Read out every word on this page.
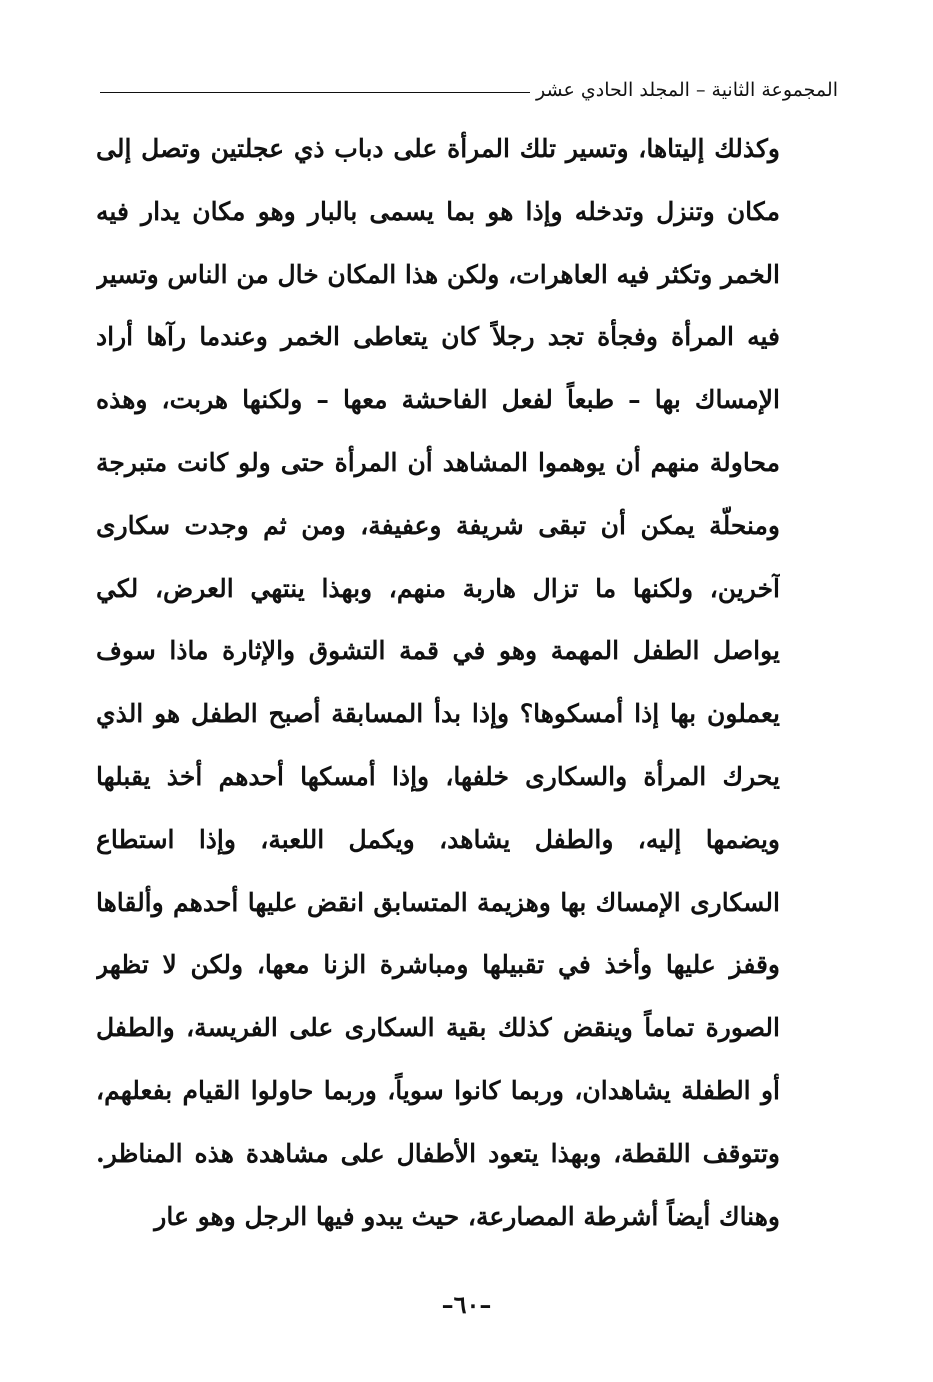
المجموعة الثانية – المجلد الحادي عشر
وكذلك إليتاها، وتسير تلك المرأة على دباب ذي عجلتين وتصل إلى
مكان وتنزل وتدخله وإذا هو بما يسمى بالبار وهو مكان يدار فيه
الخمر وتكثر فيه العاهرات، ولكن هذا المكان خال من الناس وتسير
فيه المرأة وفجأة تجد رجلاً كان يتعاطى الخمر وعندما رآها أراد
الإمساك بها – طبعاً لفعل الفاحشة معها – ولكنها هربت، وهذه
محاولة منهم أن يوهموا المشاهد أن المرأة حتى ولو كانت متبرجة
ومنحلّة يمكن أن تبقى شريفة وعفيفة، ومن ثم وجدت سكارى
آخرين، ولكنها ما تزال هاربة منهم، وبهذا ينتهي العرض، لكي
يواصل الطفل المهمة وهو في قمة التشوق والإثارة ماذا سوف
يعملون بها إذا أمسكوها؟ وإذا بدأ المسابقة أصبح الطفل هو الذي
يحرك المرأة والسكارى خلفها، وإذا أمسكها أحدهم أخذ يقبلها
ويضمها إليه، والطفل يشاهد، ويكمل اللعبة، وإذا استطاع
السكارى الإمساك بها وهزيمة المتسابق انقض عليها أحدهم وألقاها
وقفز عليها وأخذ في تقبيلها ومباشرة الزنا معها، ولكن لا تظهر
الصورة تماماً وينقض كذلك بقية السكارى على الفريسة، والطفل
أو الطفلة يشاهدان، وربما كانوا سوياً، وربما حاولوا القيام بفعلهم،
وتتوقف اللقطة، وبهذا يتعود الأطفال على مشاهدة هذه المناظر.
وهناك أيضاً أشرطة المصارعة، حيث يبدو فيها الرجل وهو عار
–٦٠–
